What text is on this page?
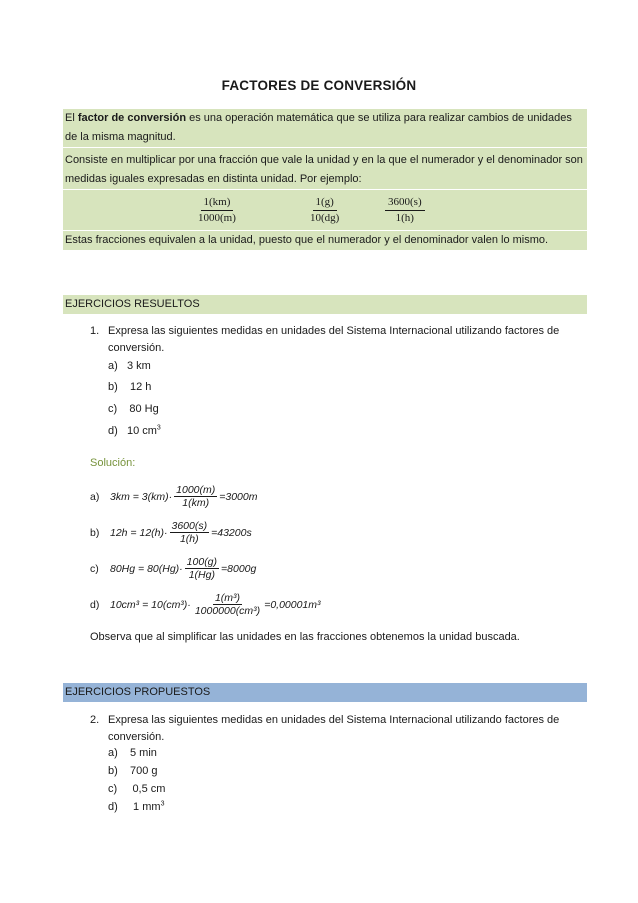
FACTORES DE CONVERSIÓN

El factor de conversión es una operación matemática que se utiliza para realizar cambios de unidades de la misma magnitud.

Consiste en multiplicar por una fracción que vale la unidad y en la que el numerador y el denominador son medidas iguales expresadas en distinta unidad. Por ejemplo:

$\frac{1(km)}{1000(m)}$	$\frac{1(g)}{10(dg)}$	$\frac{3600(s)}{1(h)}$

Estas fracciones equivalen a la unidad, puesto que el numerador y el denominador valen lo mismo.

EJERCICIOS RESUELTOS
1. Expresa las siguientes medidas en unidades del Sistema Internacional utilizando factores de
conversión.
a)   3 km
b)    12 h
c)    80 Hg
d)   10 $cm^3$
Solución:
a)	$3km = 3(km)\cdot \frac{1000(m)}{1(km)} =3000m$
b)	$12h = 12(h)\cdot \frac{3600(s)}{1(h)} =43200s$
c)	$80Hg = 80(Hg)\cdot \frac{100(g)}{1(Hg)} =8000g$
d)	$10cm^3 = 10(cm^3)\cdot \frac{\text{1(m³)}}{\text{1000000(cm³)}} =0,00001m^3$
Observa que al simplificar las unidades en las fracciones obtenemos la unidad buscada.
EJERCICIOS PROPUESTOS
2. Expresa las siguientes medidas en unidades del Sistema Internacional utilizando factores de
conversión.
a)    5 min
b)    700 g
c)     0,5 cm
d)     1 $mm^3$
